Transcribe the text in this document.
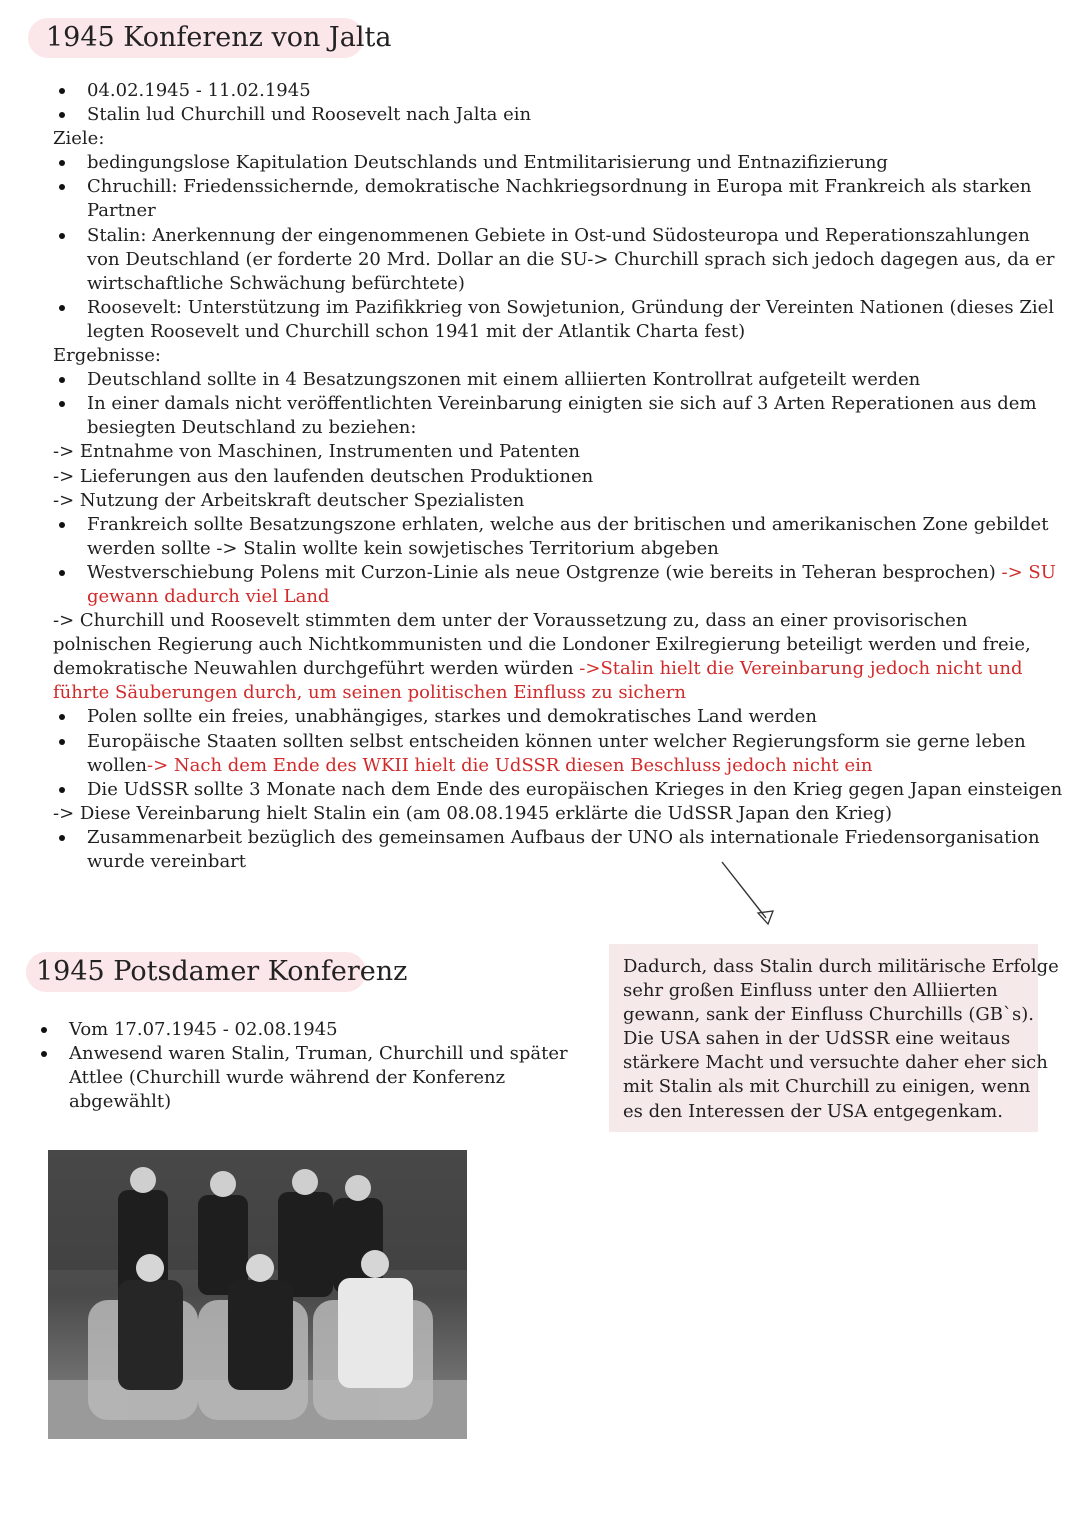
1945 Konferenz von Jalta
04.02.1945 - 11.02.1945
Stalin lud Churchill und Roosevelt nach Jalta ein
Ziele:
bedingungslose Kapitulation Deutschlands und Entmilitarisierung und Entnazifizierung
Chruchill: Friedenssichernde, demokratische Nachkriegsordnung in Europa mit Frankreich als starken
Partner
Stalin: Anerkennung der eingenommenen Gebiete in Ost-und Südosteuropa und Reperationszahlungen
von Deutschland (er forderte 20 Mrd. Dollar an die SU-> Churchill sprach sich jedoch dagegen aus, da er
wirtschaftliche Schwächung befürchtete)
Roosevelt: Unterstützung im Pazifikkrieg von Sowjetunion, Gründung der Vereinten Nationen (dieses Ziel
legten Roosevelt und Churchill schon 1941 mit der Atlantik Charta fest)
Ergebnisse:
Deutschland sollte in 4 Besatzungszonen mit einem alliierten Kontrollrat aufgeteilt werden
In einer damals nicht veröffentlichten Vereinbarung einigten sie sich auf 3 Arten Reperationen aus dem
besiegten Deutschland zu beziehen:
-> Entnahme von Maschinen, Instrumenten und Patenten
-> Lieferungen aus den laufenden deutschen Produktionen
-> Nutzung der Arbeitskraft deutscher Spezialisten
Frankreich sollte Besatzungszone erhlaten, welche aus der britischen und amerikanischen Zone gebildet
werden sollte -> Stalin wollte kein sowjetisches Territorium abgeben
Westverschiebung Polens mit Curzon-Linie als neue Ostgrenze (wie bereits in Teheran besprochen) -> SU
gewann dadurch viel Land
-> Churchill und Roosevelt stimmten dem unter der Voraussetzung zu, dass an einer provisorischen
polnischen Regierung auch Nichtkommunisten und die Londoner Exilregierung beteiligt werden und freie,
demokratische Neuwahlen durchgeführt werden würden ->Stalin hielt die Vereinbarung jedoch nicht und
führte Säuberungen durch, um seinen politischen Einfluss zu sichern
Polen sollte ein freies, unabhängiges, starkes und demokratisches Land werden
Europäische Staaten sollten selbst entscheiden können unter welcher Regierungsform sie gerne leben
wollen-> Nach dem Ende des WKII hielt die UdSSR diesen Beschluss jedoch nicht ein
Die UdSSR sollte 3 Monate nach dem Ende des europäischen Krieges in den Krieg gegen Japan einsteigen
-> Diese Vereinbarung hielt Stalin ein (am 08.08.1945 erklärte die UdSSR Japan den Krieg)
Zusammenarbeit bezüglich des gemeinsamen Aufbaus der UNO als internationale Friedensorganisation
wurde vereinbart
1945 Potsdamer Konferenz
Vom 17.07.1945 - 02.08.1945
Anwesend waren Stalin, Truman, Churchill und später
Attlee (Churchill wurde während der Konferenz
abgewählt)
Dadurch, dass Stalin durch militärische Erfolge
sehr großen Einfluss unter den Alliierten
gewann, sank der Einfluss Churchills (GB`s).
Die USA sahen in der UdSSR eine weitaus
stärkere Macht und versuchte daher eher sich
mit Stalin als mit Churchill zu einigen, wenn
es den Interessen der USA entgegenkam.
